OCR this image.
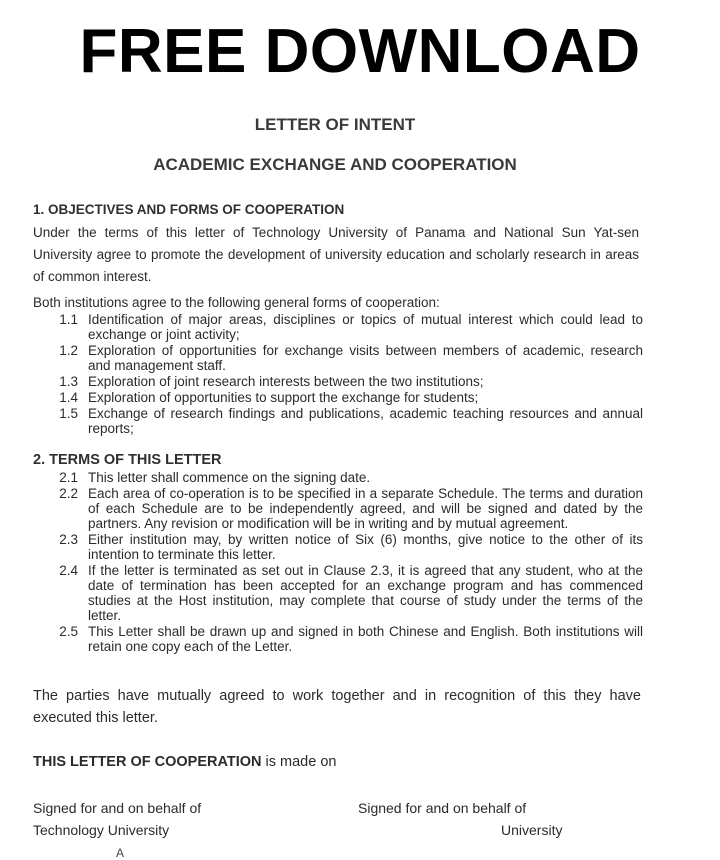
FREE DOWNLOAD
LETTER OF INTENT
ACADEMIC EXCHANGE AND COOPERATION
1. OBJECTIVES AND FORMS OF COOPERATION
Under the terms of this letter of Technology University of Panama and National Sun Yat-sen University agree to promote the development of university education and scholarly research in areas of common interest.
Both institutions agree to the following general forms of cooperation:
1.1 Identification of major areas, disciplines or topics of mutual interest which could lead to exchange or joint activity;
1.2 Exploration of opportunities for exchange visits between members of academic, research and management staff.
1.3 Exploration of joint research interests between the two institutions;
1.4 Exploration of opportunities to support the exchange for students;
1.5 Exchange of research findings and publications, academic teaching resources and annual reports;
2. TERMS OF THIS LETTER
2.1 This letter shall commence on the signing date.
2.2 Each area of co-operation is to be specified in a separate Schedule. The terms and duration of each Schedule are to be independently agreed, and will be signed and dated by the partners. Any revision or modification will be in writing and by mutual agreement.
2.3 Either institution may, by written notice of Six (6) months, give notice to the other of its intention to terminate this letter.
2.4 If the letter is terminated as set out in Clause 2.3, it is agreed that any student, who at the date of termination has been accepted for an exchange program and has commenced studies at the Host institution, may complete that course of study under the terms of the letter.
2.5 This Letter shall be drawn up and signed in both Chinese and English. Both institutions will retain one copy each of the Letter.
The parties have mutually agreed to work together and in recognition of this they have executed this letter.
THIS LETTER OF COOPERATION is made on
Signed for and on behalf of
Technology University
Signed for and on behalf of
University
A
